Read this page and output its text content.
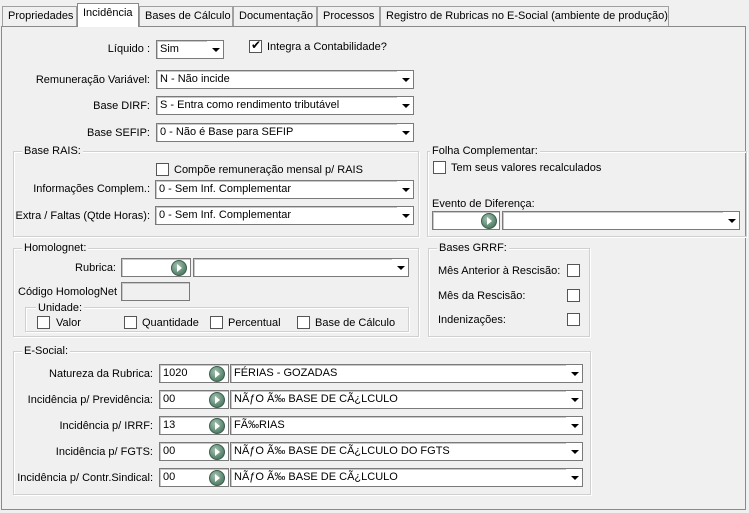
Propriedades Incidência	Bases de Cálculo Documentação Processos	Registro de Rubricas no E-Social (ambiente de produção)
Líquido : Sim	✔ Integra a Contabilidade?
Remuneração Variável: N - Não incide
Base DIRF: S - Entra como rendimento tributável
Base SEFIP: 0 - Não é Base para SEFIP
Base RAIS:
Compõe remuneração mensal p/ RAIS
Informações Complem.: 0 - Sem Inf. Complementar
Extra / Faltas (Qtde Horas): 0 - Sem Inf. Complementar
Folha Complementar:
Tem seus valores recalculados
Evento de Diferença:
Homolognet:
Rubrica:
Código HomologNet
Unidade:
Valor	Quantidade	Percentual	Base de Cálculo
Bases GRRF:
Mês Anterior à Rescisão:
Mês da Rescisão:
Indenizações:
E-Social:
Natureza da Rubrica: 1020	FÉRIAS - GOZADAS
Incidência p/ Previdência: 00	NÃƒO Ã‰ BASE DE CÃ¿LCULO
Incidência p/ IRRF: 13	FÃ‰RIAS
Incidência p/ FGTS: 00	NÃƒO Ã‰ BASE DE CÃ¿LCULO DO FGTS
Incidência p/ Contr.Sindical: 00	NÃƒO Ã‰ BASE DE CÃ¿LCULO
